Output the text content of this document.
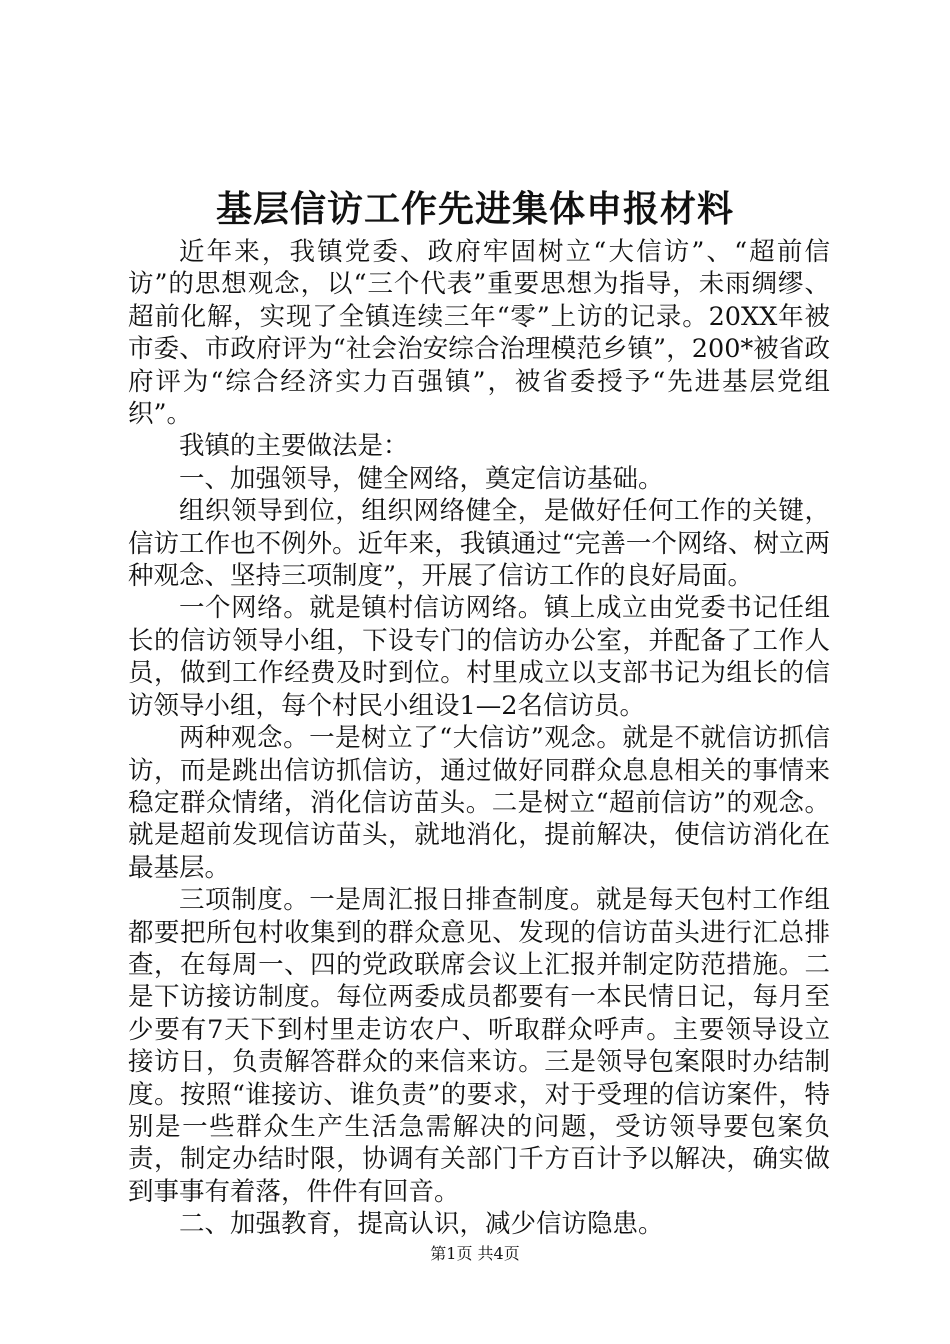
基层信访工作先进集体申报材料

近年来，我镇党委、政府牢固树立“大信访”、“超前信访”的思想观念，以“三个代表”重要思想为指导，未雨绸缪、超前化解，实现了全镇连续三年“零”上访的记录。20XX年被市委、市政府评为“社会治安综合治理模范乡镇”，200*被省政府评为“综合经济实力百强镇”，被省委授予“先进基层党组织”。

我镇的主要做法是：

一、加强领导，健全网络，奠定信访基础。

组织领导到位，组织网络健全，是做好任何工作的关键，信访工作也不例外。近年来，我镇通过“完善一个网络、树立两种观念、坚持三项制度”，开展了信访工作的良好局面。

一个网络。就是镇村信访网络。镇上成立由党委书记任组长的信访领导小组，下设专门的信访办公室，并配备了工作人员，做到工作经费及时到位。村里成立以支部书记为组长的信访领导小组，每个村民小组设1—2名信访员。

两种观念。一是树立了“大信访”观念。就是不就信访抓信访，而是跳出信访抓信访，通过做好同群众息息相关的事情来稳定群众情绪，消化信访苗头。二是树立“超前信访”的观念。就是超前发现信访苗头，就地消化，提前解决，使信访消化在最基层。

三项制度。一是周汇报日排查制度。就是每天包村工作组都要把所包村收集到的群众意见、发现的信访苗头进行汇总排查，在每周一、四的党政联席会议上汇报并制定防范措施。二是下访接访制度。每位两委成员都要有一本民情日记，每月至少要有7天下到村里走访农户、听取群众呼声。主要领导设立接访日，负责解答群众的来信来访。三是领导包案限时办结制度。按照“谁接访、谁负责”的要求，对于受理的信访案件，特别是一些群众生产生活急需解决的问题，受访领导要包案负责，制定办结时限，协调有关部门千方百计予以解决，确实做到事事有着落，件件有回音。

二、加强教育，提高认识，减少信访隐患。

第1页 共4页
